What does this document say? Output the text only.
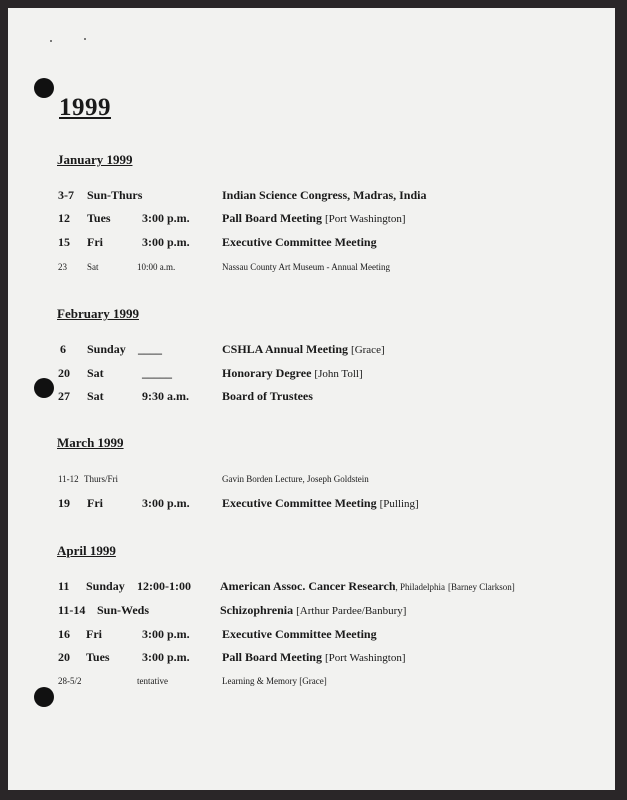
1999
January 1999
3-7 Sun-Thurs	Indian Science Congress, Madras, India
12 Tues	3:00 p.m.	Pall Board Meeting [Port Washington]
15 Fri	3:00 p.m.	Executive Committee Meeting
23 Sat	10:00 a.m.	Nassau County Art Museum - Annual Meeting
February 1999
6 Sunday ____	CSHLA Annual Meeting [Grace]
20 Sat	_____	Honorary Degree [John Toll]
27 Sat	9:30 a.m.	Board of Trustees
March 1999
11-12 Thurs/Fri	Gavin Borden Lecture, Joseph Goldstein
19 Fri	3:00 p.m.	Executive Committee Meeting [Pulling]
April 1999
11 Sunday 12:00-1:00 American Assoc. Cancer Research, Philadelphia [Barney Clarkson]
11-14 Sun-Weds	Schizophrenia [Arthur Pardee/Banbury]
16 Fri	3:00 p.m.	Executive Committee Meeting
20 Tues	3:00 p.m.	Pall Board Meeting [Port Washington]
28-5/2	tentative	Learning & Memory [Grace]
